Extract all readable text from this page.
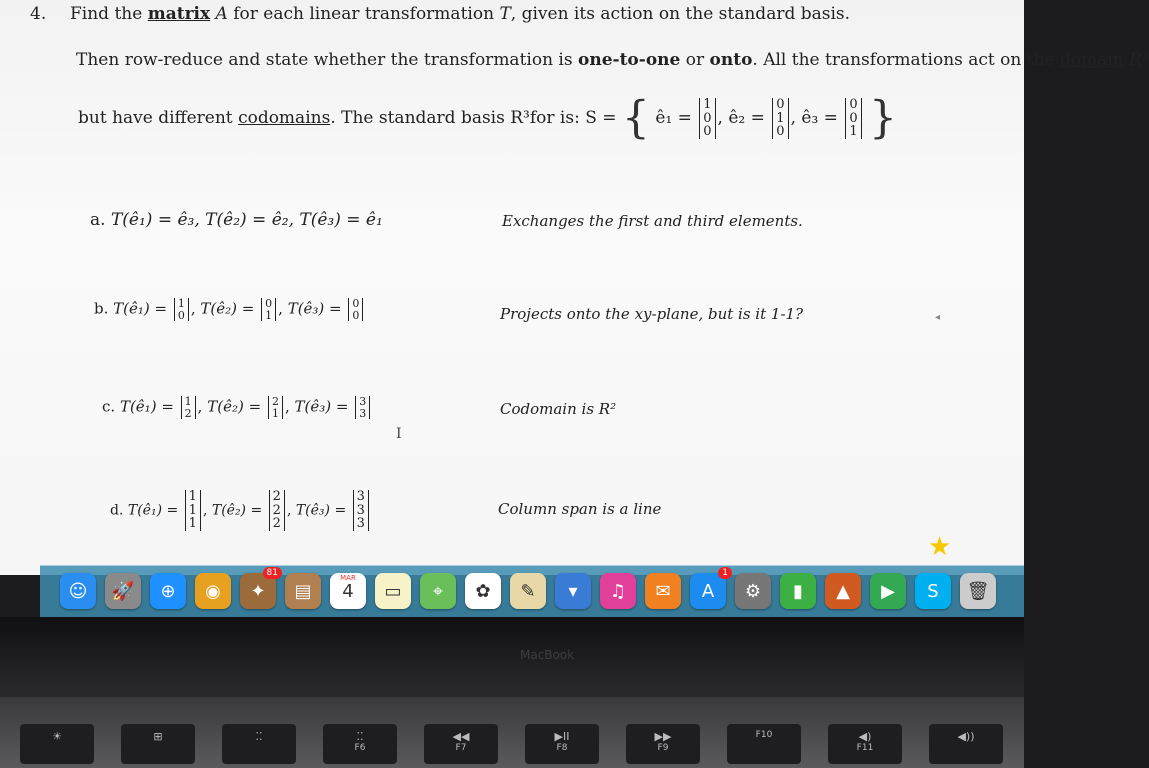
4. Find the matrix A for each linear transformation T, given its action on the standard basis.
Then row-reduce and state whether the transformation is one-to-one or onto. All the transformations act on the domain R³
but have different codomains. The standard basis R³for is: S = { ê₁ =
1
0
0
, ê₂ =
0
1
0
, ê₃ =
0
0
1 }
a. T(ê₁) = ê₃, T(ê₂) = ê₂, T(ê₃) = ê₁	Exchanges the first and third elements.
b. T(ê₁) = 1
0 , T(ê₂) = 0
1 , T(ê₃) = 0
0	Projects onto the xy-plane, but is it 1-1?	◂
c. T(ê₁) = 1
2 , T(ê₂) = 2
1 , T(ê₃) = 3
3	Codomain is R²
I
d. T(ê₁) =
1
1
1
, T(ê₂) =
2
2
2
, T(ê₃) =
3
3
3
Column span is a line
★
☺ 🚀 ⊕ ◉ ✦
81
▤ 4
MAR
▭ ⌖ ✿ ✎ ▾ ♫ ✉ A
1
⚙ ▮ ▲ ▶ S 🗑
MacBook
☀	⊞	⁚⁚	⁚⁚
F6
◀◀
F7
▶II
F8
▶▶
F9
F10	◀)
F11
◀))
